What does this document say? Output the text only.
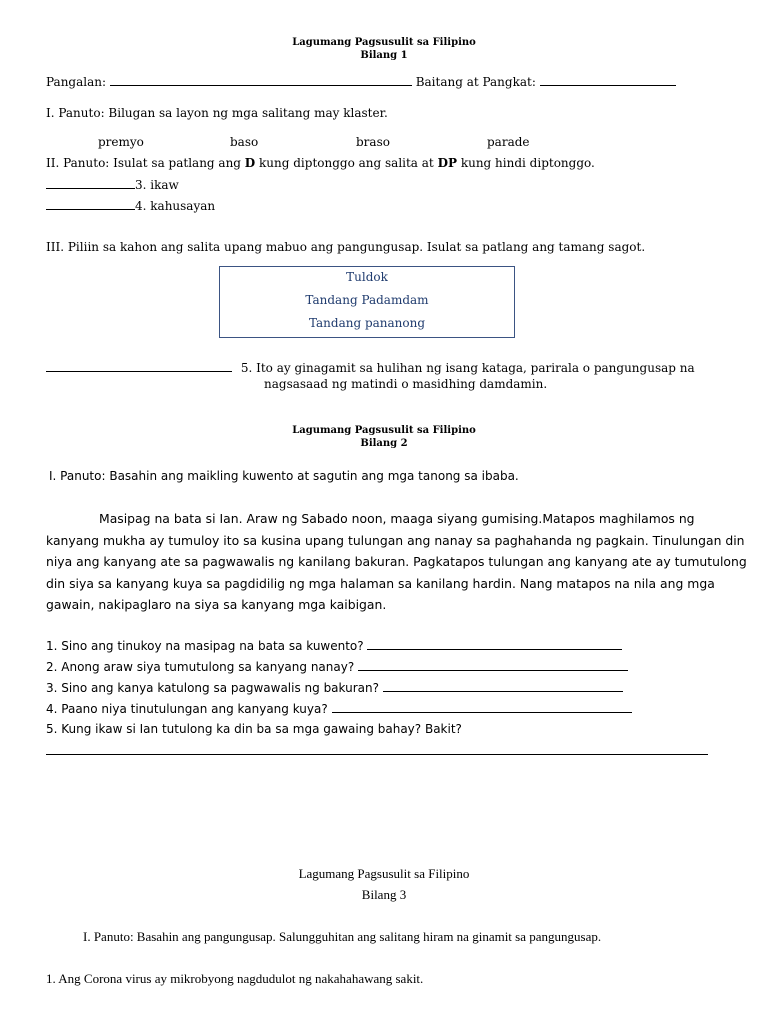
Lagumang Pagsusulit sa Filipino
Bilang 1
Pangalan:	Baitang at Pangkat:
I. Panuto: Bilugan sa layon ng mga salitang may klaster.
premyo	baso	braso	parade
II. Panuto: Isulat sa patlang ang D kung diptonggo ang salita at DP kung hindi diptonggo.
3. ikaw
4. kahusayan
III. Piliin sa kahon ang salita upang mabuo ang pangungusap. Isulat sa patlang ang tamang sagot.
Tuldok
Tandang Padamdam
Tandang pananong
5. Ito ay ginagamit sa hulihan ng isang kataga, parirala o pangungusap na
nagsasaad ng matindi o masidhing damdamin.
Lagumang Pagsusulit sa Filipino
Bilang 2
I. Panuto: Basahin ang maikling kuwento at sagutin ang mga tanong sa ibaba.

Masipag na bata si Ian. Araw ng Sabado noon, maaga siyang gumising.Matapos maghilamos ng

kanyang mukha ay tumuloy ito sa kusina upang tulungan ang nanay sa paghahanda ng pagkain. Tinulungan din

niya ang kanyang ate sa pagwawalis ng kanilang bakuran. Pagkatapos tulungan ang kanyang ate ay tumutulong

din siya sa kanyang kuya sa pagdidilig ng mga halaman sa kanilang hardin. Nang matapos na nila ang mga

gawain, nakipaglaro na siya sa kanyang mga kaibigan.

1. Sino ang tinukoy na masipag na bata sa kuwento?
2. Anong araw siya tumutulong sa kanyang nanay?
3. Sino ang kanya katulong sa pagwawalis ng bakuran?
4. Paano niya tinutulungan ang kanyang kuya?
5. Kung ikaw si Ian tutulong ka din ba sa mga gawaing bahay? Bakit?
Lagumang Pagsusulit sa Filipino
Bilang 3
I. Panuto: Basahin ang pangungusap. Salungguhitan ang salitang hiram na ginamit sa pangungusap.
1. Ang Corona virus ay mikrobyong nagdudulot ng nakahahawang sakit.
